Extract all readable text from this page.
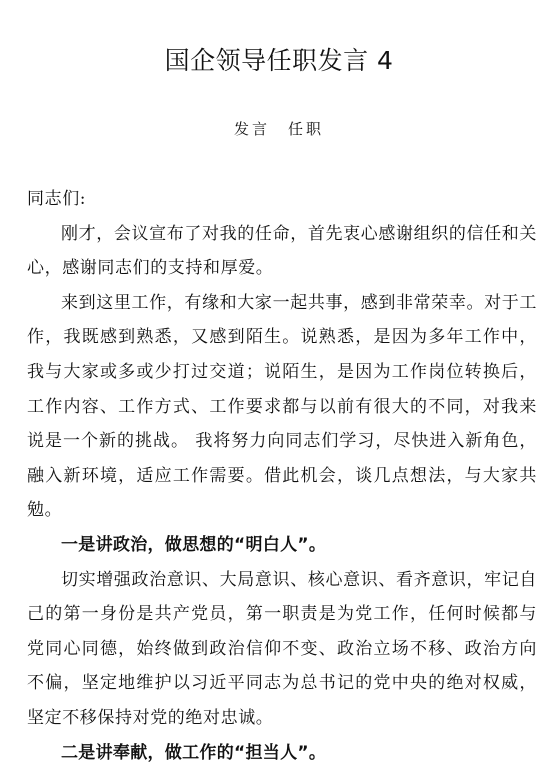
国企领导任职发言 4
发言 任职

同志们:

刚才，会议宣布了对我的任命，首先衷心感谢组织的信任和关心，感谢同志们的支持和厚爱。

来到这里工作，有缘和大家一起共事，感到非常荣幸。对于工作，我既感到熟悉，又感到陌生。说熟悉，是因为多年工作中，我与大家或多或少打过交道；说陌生，是因为工作岗位转换后，工作内容、工作方式、工作要求都与以前有很大的不同，对我来说是一个新的挑战。 我将努力向同志们学习，尽快进入新角色，融入新环境，适应工作需要。借此机会，谈几点想法，与大家共勉。

一是讲政治，做思想的“明白人”。

切实增强政治意识、大局意识、核心意识、看齐意识，牢记自己的第一身份是共产党员，第一职责是为党工作，任何时候都与党同心同德，始终做到政治信仰不变、政治立场不移、政治方向不偏，坚定地维护以习近平同志为总书记的党中央的绝对权威，坚定不移保持对党的绝对忠诚。

二是讲奉献，做工作的“担当人”。
